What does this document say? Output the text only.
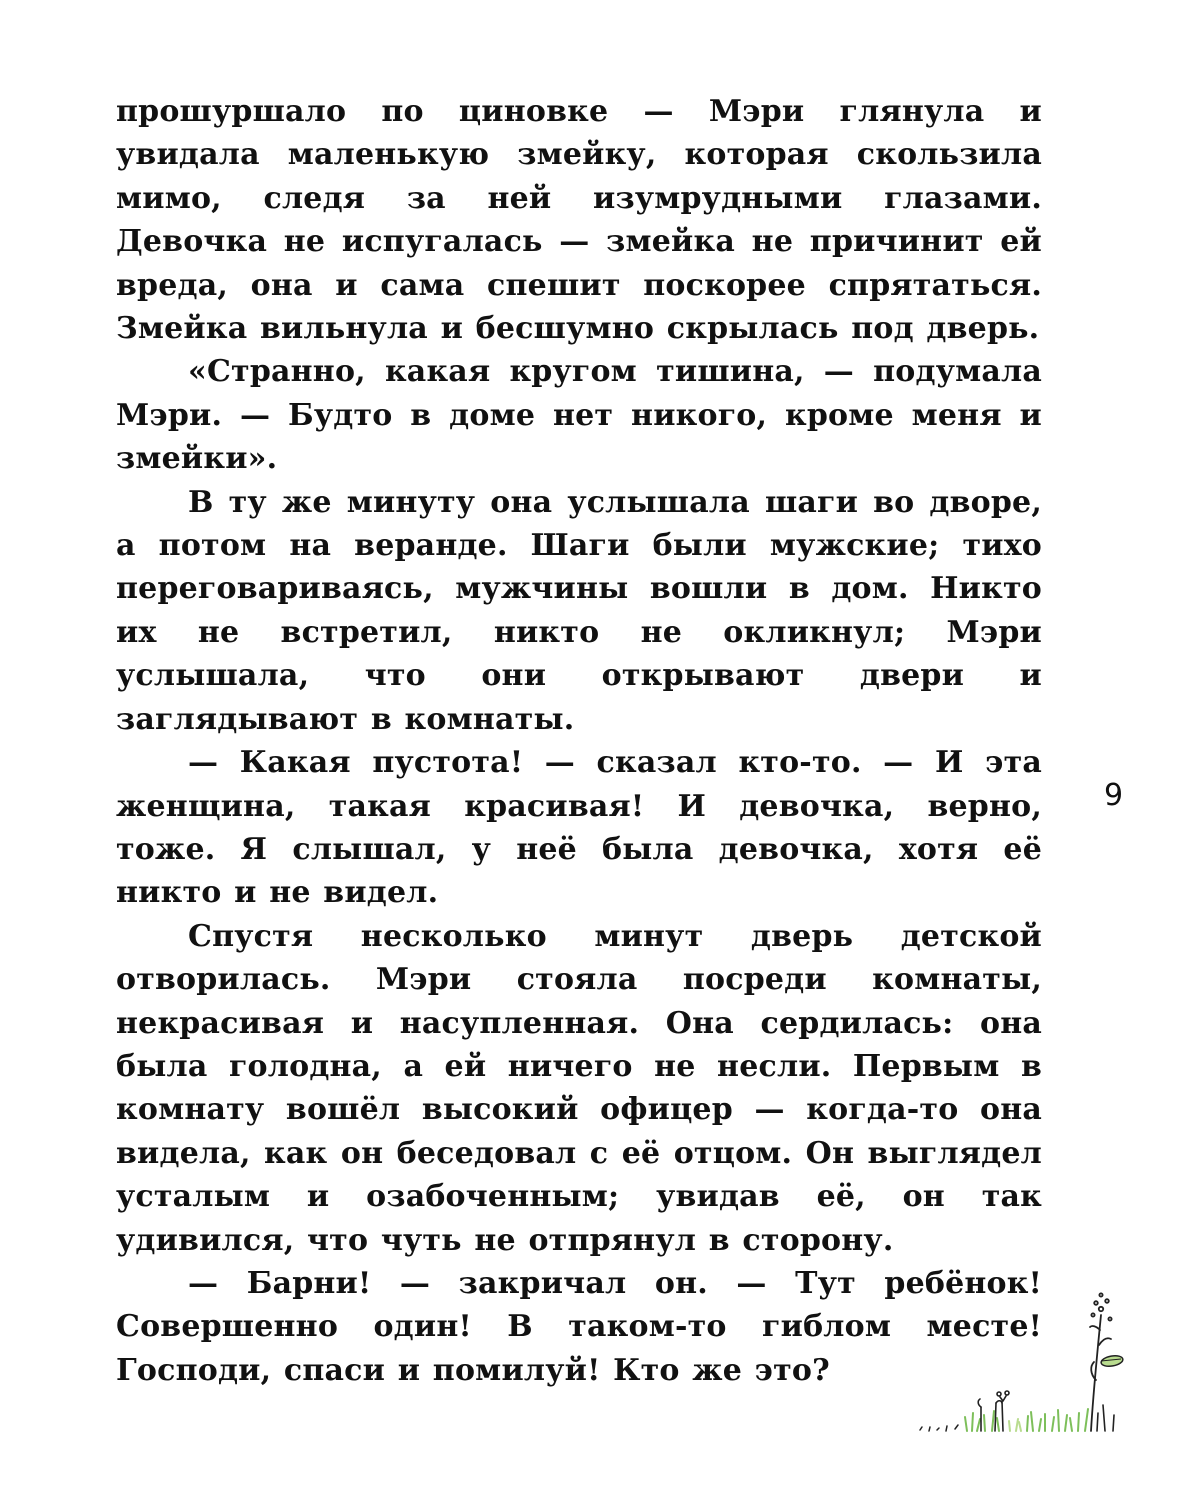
прошуршало по циновке — Мэри глянула и увидала маленькую змейку, которая скользила мимо, следя за ней изумрудными глазами. Девочка не испугалась — змейка не причинит ей вреда, она и сама спешит поскорее спрятаться. Змейка вильнула и бесшумно скрылась под дверь.

«Странно, какая кругом тишина, — подумала Мэри. — Будто в доме нет никого, кроме меня и змейки».

В ту же минуту она услышала шаги во дворе, а потом на веранде. Шаги были мужские; тихо переговариваясь, мужчины вошли в дом. Никто их не встретил, никто не окликнул; Мэри услышала, что они открывают двери и заглядывают в комнаты.

— Какая пустота! — сказал кто-то. — И эта женщина, такая красивая! И девочка, верно, тоже. Я слышал, у неё была девочка, хотя её никто и не видел.

Спустя несколько минут дверь детской отворилась. Мэри стояла посреди комнаты, некрасивая и насупленная. Она сердилась: она была голодна, а ей ничего не несли. Первым в комнату вошёл высокий офицер — когда-то она видела, как он беседовал с её отцом. Он выглядел усталым и озабоченным; увидав её, он так удивился, что чуть не отпрянул в сторону.

— Барни! — закричал он. — Тут ребёнок! Совершенно один! В таком-то гиблом месте! Господи, спаси и помилуй! Кто же это?

9
